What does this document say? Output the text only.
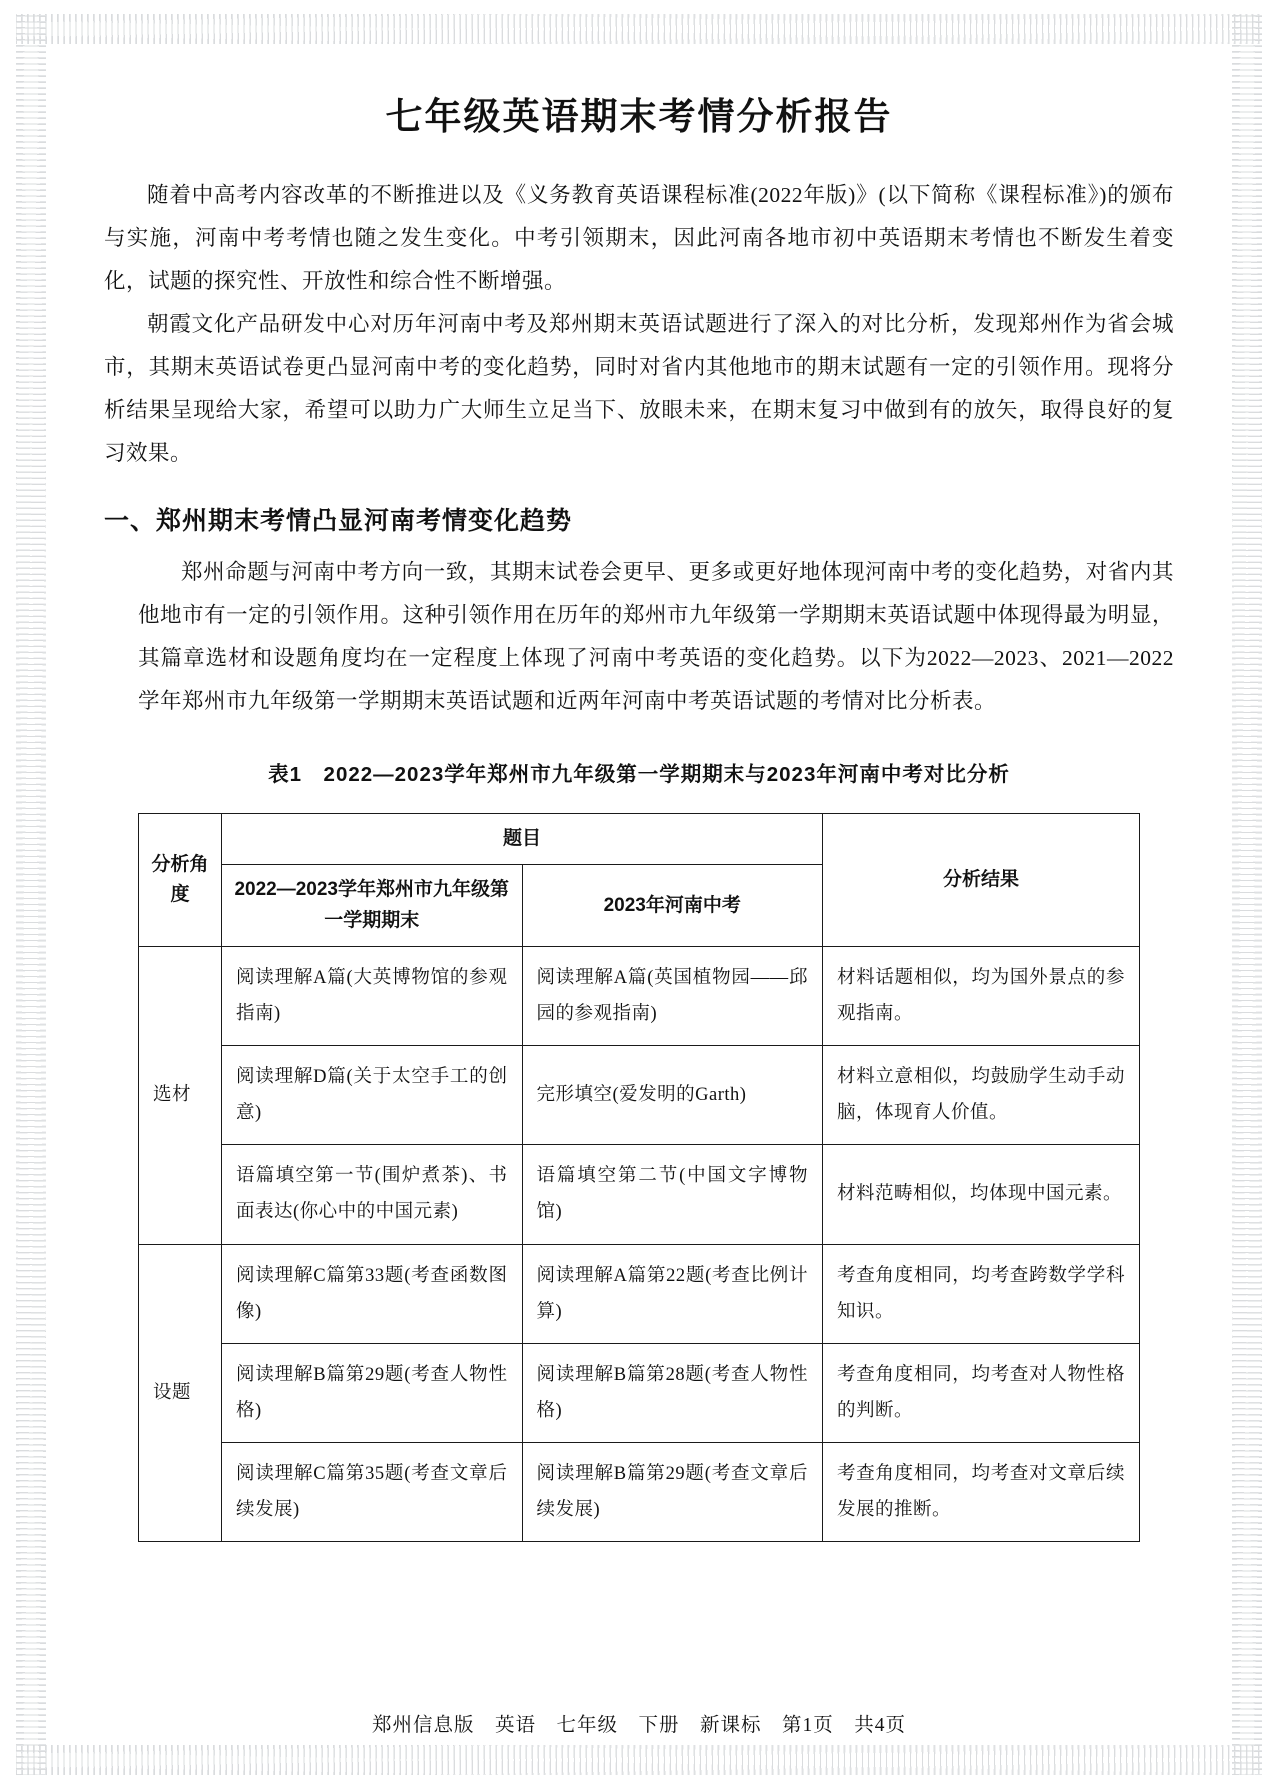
七年级英语期末考情分析报告

随着中高考内容改革的不断推进以及《义务教育英语课程标准(2022年版)》(以下简称《课程标准》)的颁布与实施，河南中考考情也随之发生变化。中考引领期末，因此河南各地市初中英语期末考情也不断发生着变化，试题的探究性、开放性和综合性不断增强。

朝霞文化产品研发中心对历年河南中考及郑州期末英语试题进行了深入的对比分析，发现郑州作为省会城市，其期末英语试卷更凸显河南中考的变化趋势，同时对省内其他地市的期末试题有一定的引领作用。现将分析结果呈现给大家，希望可以助力广大师生立足当下、放眼未来，在期末复习中做到有的放矢，取得良好的复习效果。

一、郑州期末考情凸显河南考情变化趋势

郑州命题与河南中考方向一致，其期末试卷会更早、更多或更好地体现河南中考的变化趋势，对省内其他地市有一定的引领作用。这种引领作用在历年的郑州市九年级第一学期期末英语试题中体现得最为明显，其篇章选材和设题角度均在一定程度上体现了河南中考英语的变化趋势。以下为2022—2023、2021—2022学年郑州市九年级第一学期期末英语试题和近两年河南中考英语试题的考情对比分析表。

表1　2022—2023学年郑州市九年级第一学期期末与2023年河南中考对比分析
分析角度	题目		分析结果
	2022—2023学年郑州市九年级第一学期期末	2023年河南中考	
选材	阅读理解A篇(大英博物馆的参观指南)	阅读理解A篇(英国植物园——邱园的参观指南)	材料话题相似，均为国外景点的参观指南。
	阅读理解D篇(关于太空手工的创意)	完形填空(爱发明的Garth)	材料立意相似，均鼓励学生动手动脑，体现育人价值。
	语篇填空第一节(围炉煮茶)、书面表达(你心中的中国元素)	语篇填空第二节(中国文字博物馆)	材料范畴相似，均体现中国元素。
设题	阅读理解C篇第33题(考查函数图像)	阅读理解A篇第22题(考查比例计算)	考查角度相同，均考查跨数学学科知识。
	阅读理解B篇第29题(考查人物性格)	阅读理解B篇第28题(考查人物性格)	考查角度相同，均考查对人物性格的判断。
	阅读理解C篇第35题(考查文章后续发展)	阅读理解B篇第29题(考查文章后续发展)	考查角度相同，均考查对文章后续发展的推断。
郑州信息版　英语　七年级　下册　新课标　第1页　共4页
